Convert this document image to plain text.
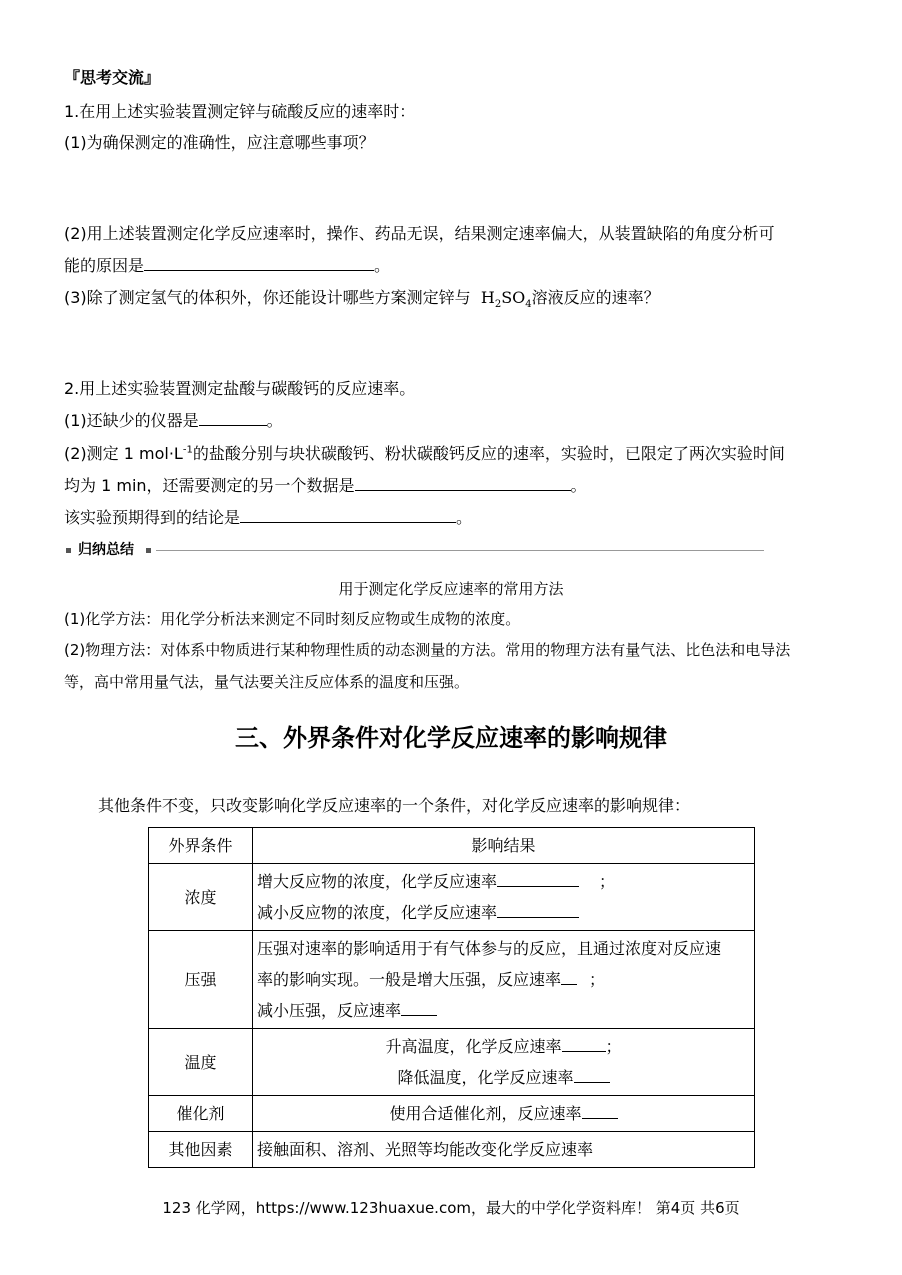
『思考交流』
1.在用上述实验装置测定锌与硫酸反应的速率时：
(1)为确保测定的准确性，应注意哪些事项？
(2)用上述装置测定化学反应速率时，操作、药品无误，结果测定速率偏大，从装置缺陷的角度分析可
能的原因是	。
(3)除了测定氢气的体积外，你还能设计哪些方案测定锌与  $H_2SO_4$溶液反应的速率？
2.用上述实验装置测定盐酸与碳酸钙的反应速率。
(1)还缺少的仪器是	。
(2)测定 1 $mol\cdot L^{-1}$的盐酸分别与块状碳酸钙、粉状碳酸钙反应的速率，实验时，已限定了两次实验时间
均为 1 min，还需要测定的另一个数据是	。
该实验预期得到的结论是	。
归纳总结
用于测定化学反应速率的常用方法
(1)化学方法：用化学分析法来测定不同时刻反应物或生成物的浓度。
(2)物理方法：对体系中物质进行某种物理性质的动态测量的方法。常用的物理方法有量气法、比色法和电导法
等，高中常用量气法，量气法要关注反应体系的温度和压强。
三、外界条件对化学反应速率的影响规律
其他条件不变，只改变影响化学反应速率的一个条件，对化学反应速率的影响规律：
外界条件	影响结果
浓度	增大反应物的浓度，化学反应速率 ；
减小反应物的浓度，化学反应速率

压强	压强对速率的影响适用于有气体参与的反应，且通过浓度对反应速
率的影响实现。一般是增大压强，反应速率 ；
减小压强，反应速率

温度	升高温度，化学反应速率 ；
降低温度，化学反应速率

催化剂	使用合适催化剂，反应速率
其他因素	接触面积、溶剂、光照等均能改变化学反应速率
123 化学网，https://www.123huaxue.com，最大的中学化学资料库！ 第4页 共6页
